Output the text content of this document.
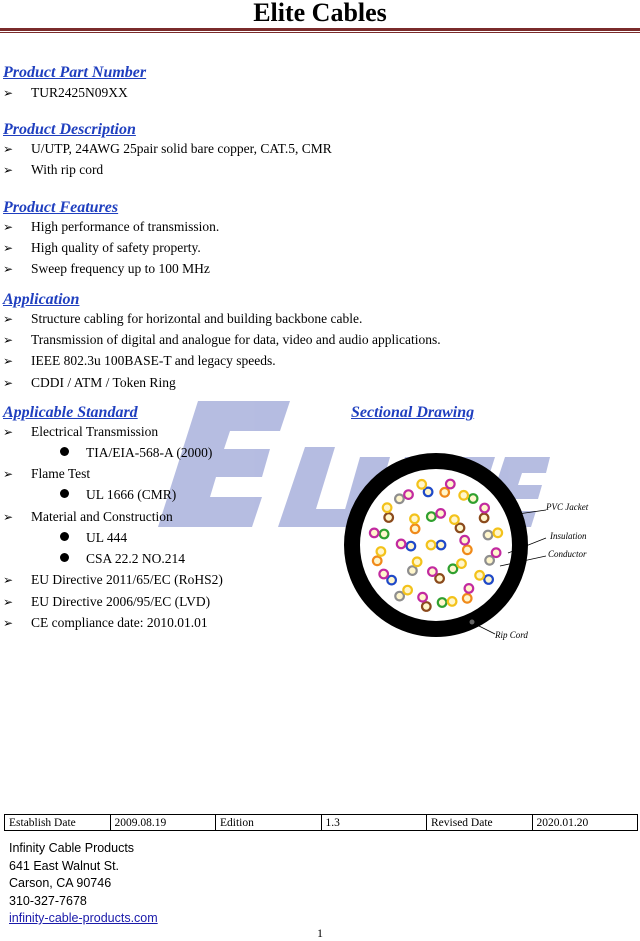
Elite Cables
Product Part Number
➢ TUR2425N09XX
Product Description
➢ U/UTP, 24AWG 25pair solid bare copper, CAT.5, CMR
➢ With rip cord
Product Features
➢ High performance of transmission.
➢ High quality of safety property.
➢ Sweep frequency up to 100 MHz
Application
➢ Structure cabling for horizontal and building backbone cable.
➢ Transmission of digital and analogue for data, video and audio applications.
➢ IEEE 802.3u 100BASE-T and legacy speeds.
➢ CDDI / ATM / Token Ring
Applicable Standard
➢ Electrical Transmission
TIA/EIA-568-A (2000)
➢ Flame Test
UL 1666 (CMR)
➢ Material and Construction
UL 444
CSA 22.2 NO.214
➢ EU Directive 2011/65/EC (RoHS2)
➢ EU Directive 2006/95/EC (LVD)
➢ CE compliance date: 2010.01.01
Sectional Drawing
PVC Jacket
Insulation
Conductor
Rip Cord
Establish Date	2009.08.19	Edition	1.3	Revised Date	2020.01.20
Infinity Cable Products
641 East Walnut St.
Carson, CA 90746
310-327-7678
infinity-cable-products.com
1
